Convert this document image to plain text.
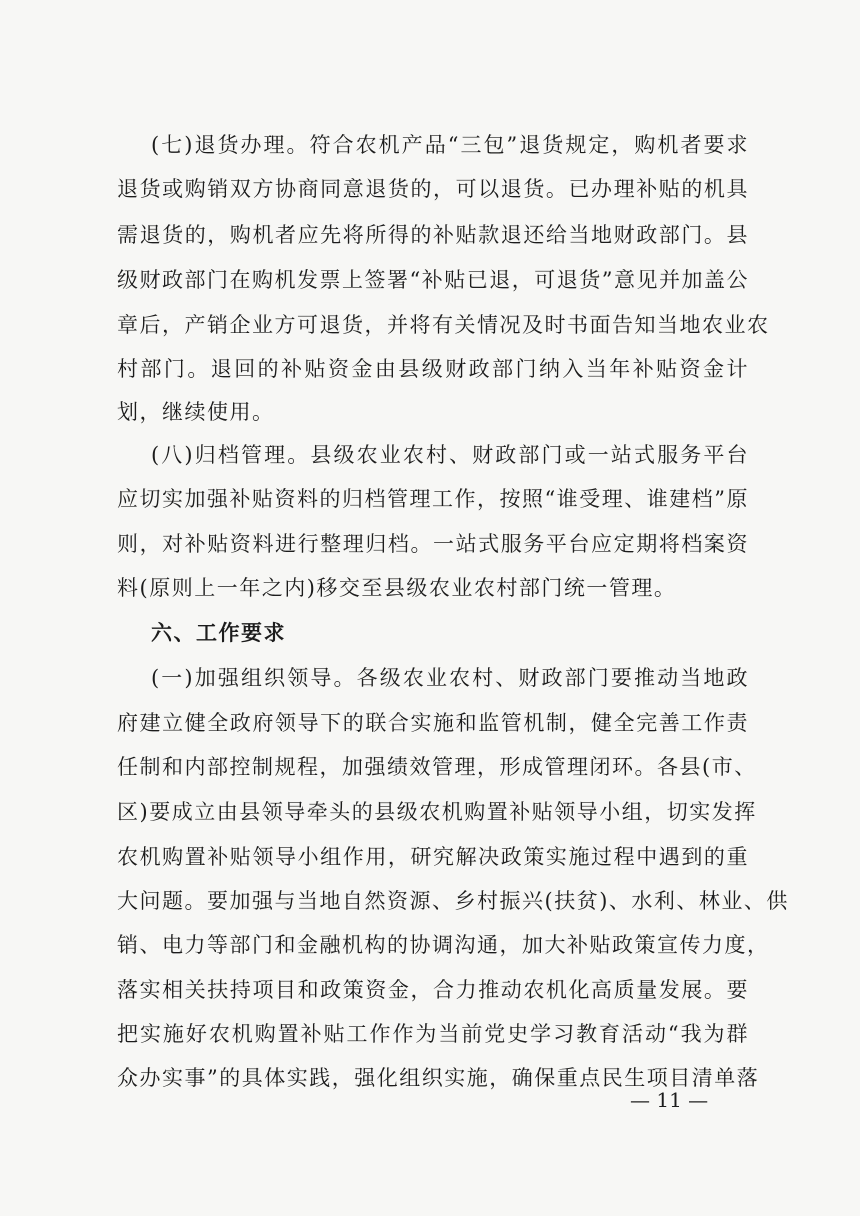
(七)退货办理。符合农机产品“三包”退货规定，购机者要求
退货或购销双方协商同意退货的，可以退货。已办理补贴的机具
需退货的，购机者应先将所得的补贴款退还给当地财政部门。县
级财政部门在购机发票上签署“补贴已退，可退货”意见并加盖公
章后，产销企业方可退货，并将有关情况及时书面告知当地农业农
村部门。退回的补贴资金由县级财政部门纳入当年补贴资金计
划，继续使用。
(八)归档管理。县级农业农村、财政部门或一站式服务平台
应切实加强补贴资料的归档管理工作，按照“谁受理、谁建档”原
则，对补贴资料进行整理归档。一站式服务平台应定期将档案资
料(原则上一年之内)移交至县级农业农村部门统一管理。
六、工作要求
(一)加强组织领导。各级农业农村、财政部门要推动当地政
府建立健全政府领导下的联合实施和监管机制，健全完善工作责
任制和内部控制规程，加强绩效管理，形成管理闭环。各县(市、
区)要成立由县领导牵头的县级农机购置补贴领导小组，切实发挥
农机购置补贴领导小组作用，研究解决政策实施过程中遇到的重
大问题。要加强与当地自然资源、乡村振兴(扶贫)、水利、林业、供
销、电力等部门和金融机构的协调沟通，加大补贴政策宣传力度，
落实相关扶持项目和政策资金，合力推动农机化高质量发展。要
把实施好农机购置补贴工作作为当前党史学习教育活动“我为群
众办实事”的具体实践，强化组织实施，确保重点民生项目清单落
— 11 —
